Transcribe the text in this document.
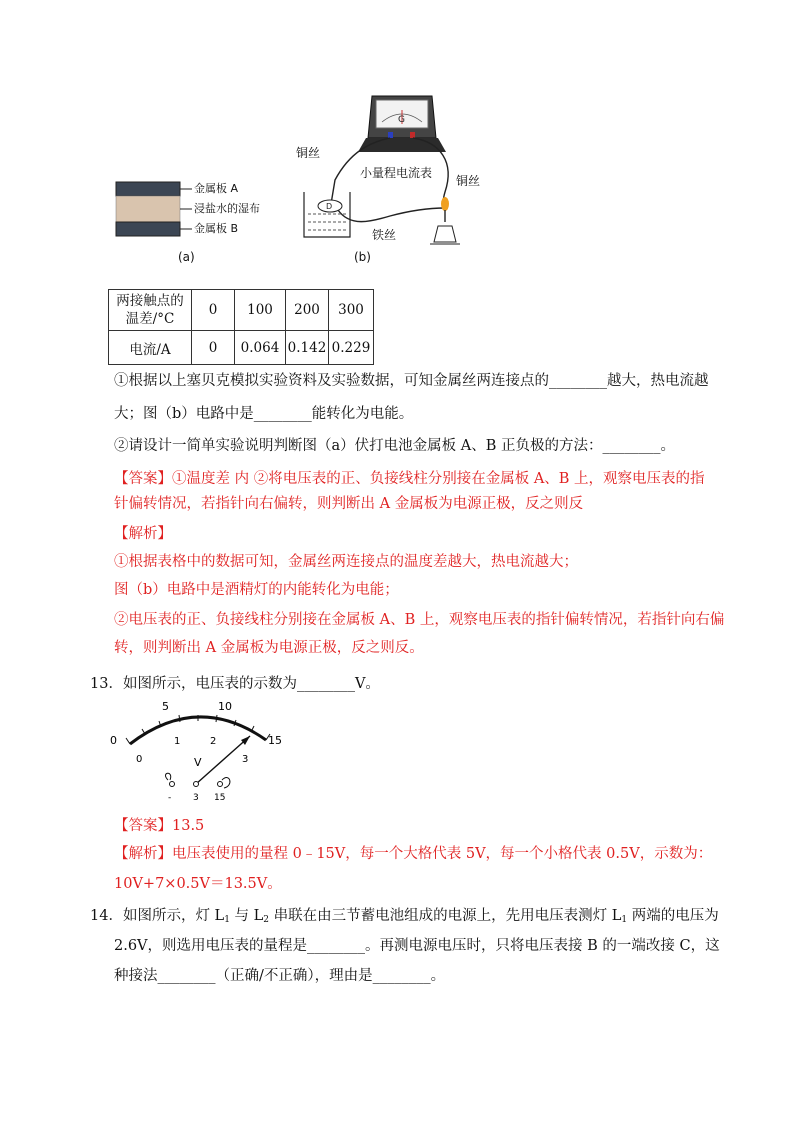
金属板 A
浸盐水的湿布
金属板 B
(a)
G
D
铜丝
小量程电流表
铜丝
铁丝
(b)
两接触点的
温差/°C	0	100	200	300
电流/A	0	0.064	0.142	0.229
①根据以上塞贝克模拟实验资料及实验数据，可知金属丝两连接点的________越大，热电流越
大；图（b）电路中是________能转化为电能。
②请设计一简单实验说明判断图（a）伏打电池金属板 A、B 正负极的方法：________。
【答案】①温度差 内 ②将电压表的正、负接线柱分别接在金属板 A、B 上，观察电压表的指
针偏转情况，若指针向右偏转，则判断出 A 金属板为电源正极，反之则反
【解析】
①根据表格中的数据可知，金属丝两连接点的温度差越大，热电流越大；
图（b）电路中是酒精灯的内能转化为电能；
②电压表的正、负接线柱分别接在金属板 A、B 上，观察电压表的指针偏转情况，若指针向右偏
转，则判断出 A 金属板为电源正极，反之则反。
13．如图所示，电压表的示数为________V。
0
5	10
15
0
1	2
3
V
- 3 15
【答案】13.5
【解析】电压表使用的量程 0﹣15V，每一个大格代表 5V，每一个小格代表 0.5V，示数为：
10V+7×0.5V＝13.5V。
14．如图所示，灯 $L_1$ 与 $L_2$ 串联在由三节蓄电池组成的电源上，先用电压表测灯 $L_1$ 两端的电压为
2.6V，则选用电压表的量程是________。再测电源电压时，只将电压表接 B 的一端改接 C，这
种接法________（正确/不正确），理由是________。
